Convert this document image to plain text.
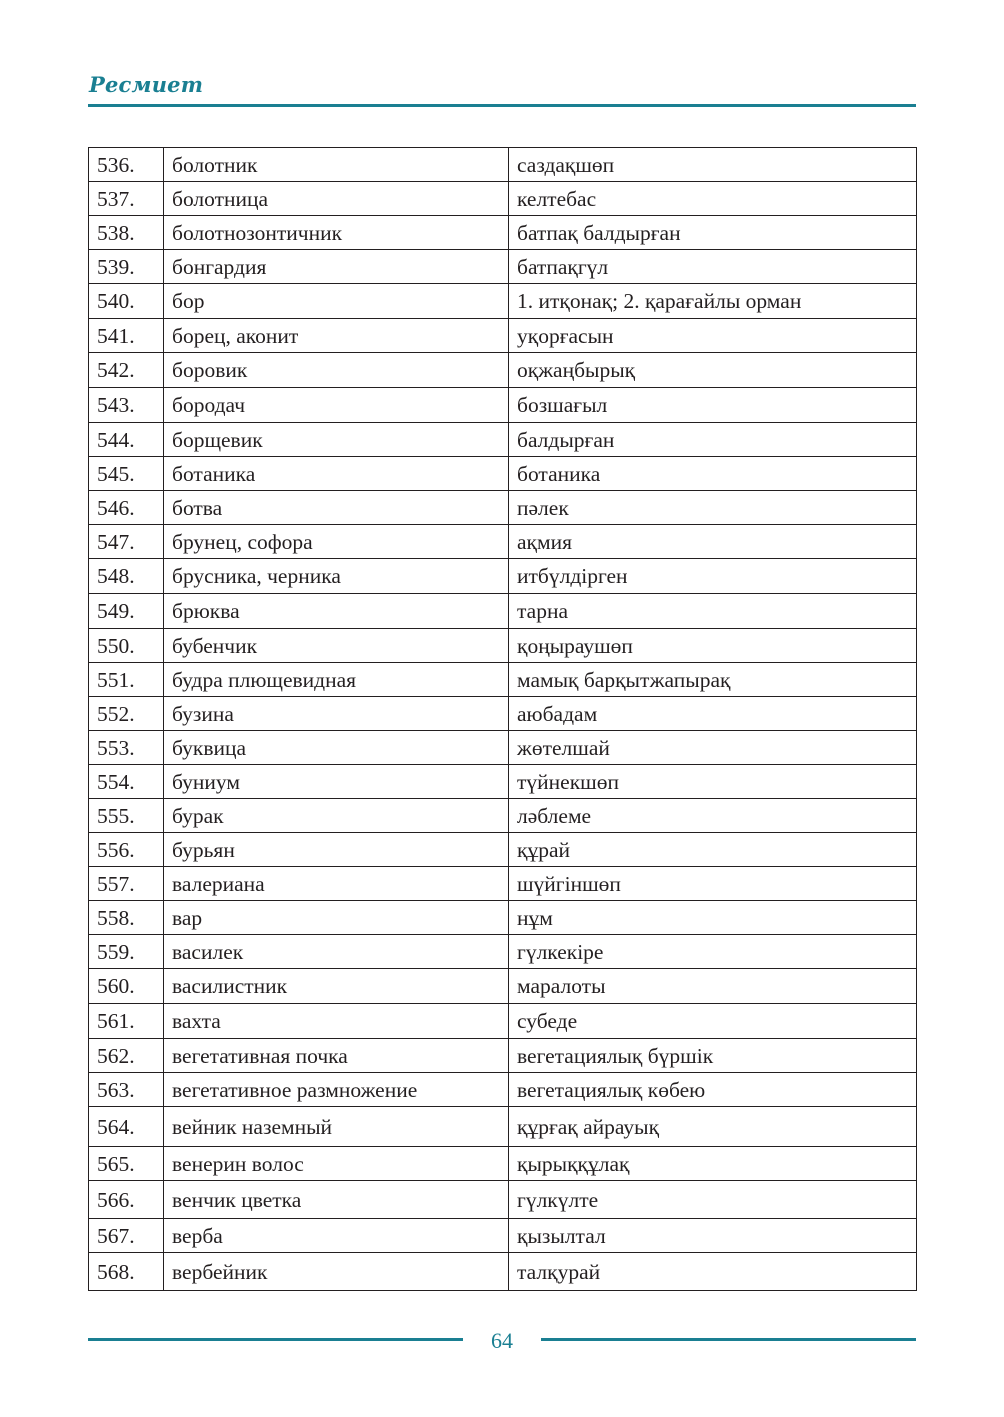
Ресмиет
536.	болотник	саздақшөп
537.	болотница	келтебас
538.	болотнозонтичник	батпақ балдырған
539.	бонгардия	батпақгүл
540.	бор	1. итқонақ; 2. қарағайлы орман
541.	борец, аконит	уқорғасын
542.	боровик	оқжаңбырық
543.	бородач	бозшағыл
544.	борщевик	балдырған
545.	ботаника	ботаника
546.	ботва	пәлек
547.	брунец, софора	ақмия
548.	брусника, черника	итбүлдірген
549.	брюква	тарна
550.	бубенчик	қоңыраушөп
551.	будра плющевидная	мамық барқытжапырақ
552.	бузина	аюбадам
553.	буквица	жөтелшай
554.	буниум	түйнекшөп
555.	бурак	ләблеме
556.	бурьян	құрай
557.	валериана	шүйгіншөп
558.	вар	нұм
559.	василек	гүлкекіре
560.	василистник	маралоты
561.	вахта	субеде
562.	вегетативная почка	вегетациялық бүршік
563.	вегетативное размножение	вегетациялық көбею
564.	вейник наземный	құрғақ айрауық
565.	венерин волос	қырыққұлақ
566.	венчик цветка	гүлкүлте
567.	верба	қызылтал
568.	вербейник	талқурай
64
